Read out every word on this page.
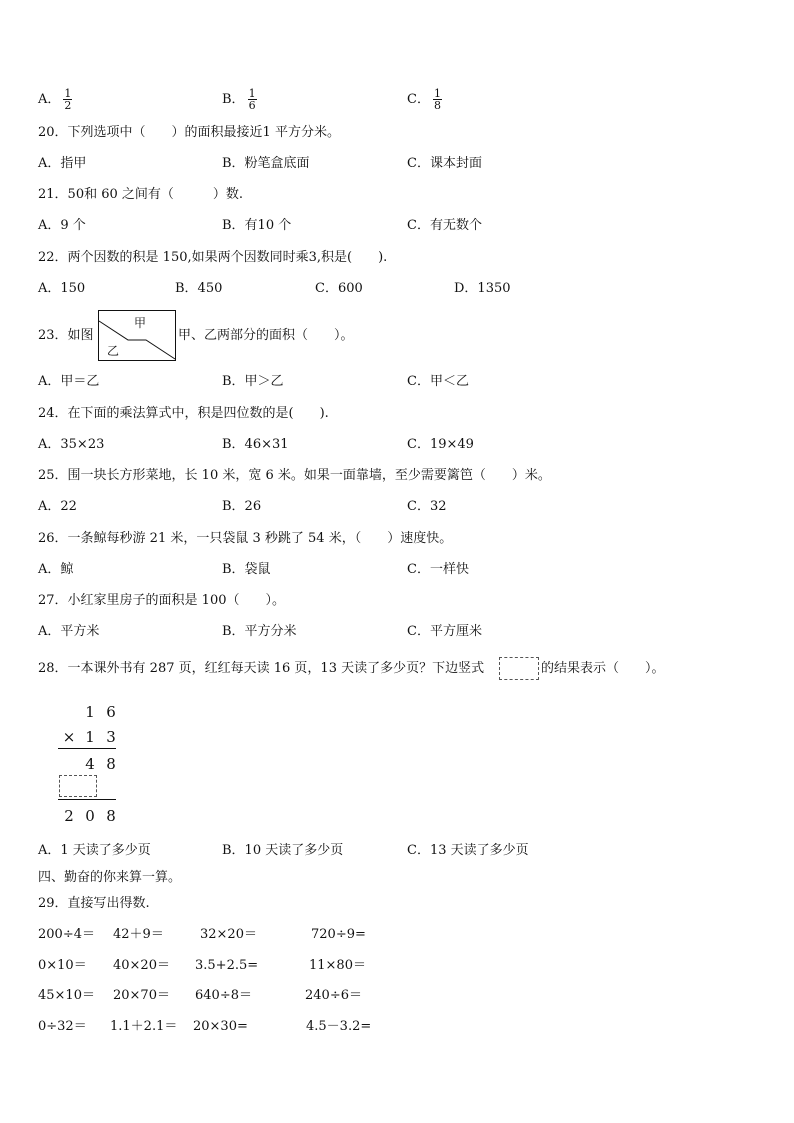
A． $\frac{1}{2}$	B． $\frac{1}{6}$	C． $\frac{1}{8}$
20．下列选项中（　　）的面积最接近1 平方分米。
A．指甲	B．粉笔盒底面	C．课本封面
21．50和 60 之间有（　　　）数.
A．9 个	B．有10 个	C．有无数个
22．两个因数的积是 150,如果两个因数同时乘3,积是(　　).
A．150	B．450	C．600	D．1350
23．如图
甲
乙
甲、乙两部分的面积（　　）。
A．甲＝乙	B．甲＞乙	C．甲＜乙
24．在下面的乘法算式中，积是四位数的是(　　).
A．35×23	B．46×31	C．19×49
25．围一块长方形菜地，长 10 米，宽 6 米。如果一面靠墙，至少需要篱笆（　　）米。
A．22	B．26	C．32
26．一条鲸每秒游 21 米，一只袋鼠 3 秒跳了 54 米，（　　）速度快。
A．鲸	B．袋鼠	C．一样快
27．小红家里房子的面积是 100（　　）。
A．平方米	B．平方分米	C．平方厘米
28．一本课外书有 287 页，红红每天读 16 页，13 天读了多少页？下边竖式	的结果表示（　　）。
1 6
× 1 3
4 8
2 0 8
A．1 天读了多少页	B．10 天读了多少页	C．13 天读了多少页
四、勤奋的你来算一算。
29．直接写出得数.
200÷4＝ 42＋9＝	32×20＝	720÷9=
0×10＝ 40×20＝ 3.5+2.5=	11×80＝
45×10＝ 20×70＝ 640÷8＝	240÷6＝
0÷32＝ 1.1＋2.1＝ 20×30=	4.5－3.2=
